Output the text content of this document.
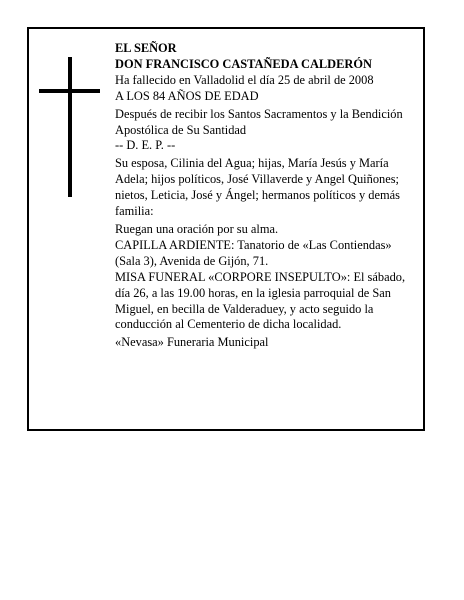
EL SEÑOR
DON FRANCISCO CASTAÑEDA CALDERÓN
Ha fallecido en Valladolid el día 25 de abril de 2008
A LOS 84 AÑOS DE EDAD
Después de recibir los Santos Sacramentos y la Bendición Apostólica de Su Santidad
-- D. E. P. --
Su esposa, Cilinia del Agua; hijas, María Jesús y María Adela; hijos políticos, José Villaverde y Angel Quiñones; nietos, Leticia, José y Ángel; hermanos políticos y demás familia:
Ruegan una oración por su alma.
CAPILLA ARDIENTE: Tanatorio de «Las Contiendas» (Sala 3), Avenida de Gijón, 71.
MISA FUNERAL «CORPORE INSEPULTO»: El sábado, día 26, a las 19.00 horas, en la iglesia parroquial de San Miguel, en becilla de Valderaduey, y acto seguido la conducción al Cementerio de dicha localidad.
«Nevasa» Funeraria Municipal
